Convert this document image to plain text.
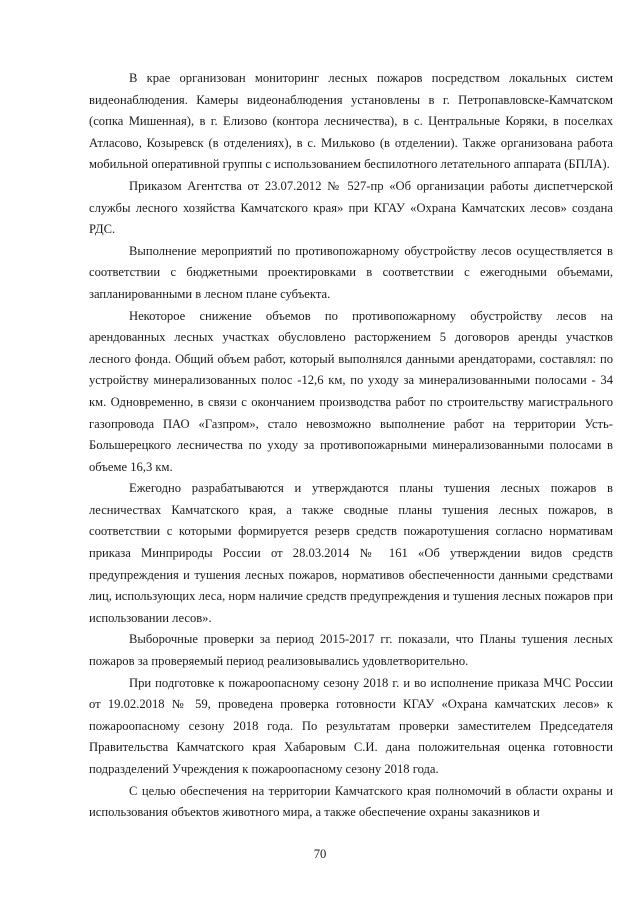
В крае организован мониторинг лесных пожаров посредством локальных систем видеонаблюдения. Камеры видеонаблюдения установлены в г. Петропавловске-Камчатском (сопка Мишенная), в г. Елизово (контора лесничества), в с. Центральные Коряки, в поселках Атласово, Козыревск (в отделениях), в с. Мильково (в отделении). Также организована работа мобильной оперативной группы с использованием беспилотного летательного аппарата (БПЛА).

Приказом Агентства от 23.07.2012 № 527-пр «Об организации работы диспетчерской службы лесного хозяйства Камчатского края» при КГАУ «Охрана Камчатских лесов» создана РДС.

Выполнение мероприятий по противопожарному обустройству лесов осуществляется в соответствии с бюджетными проектировками в соответствии с ежегодными объемами, запланированными в лесном плане субъекта.

Некоторое снижение объемов по противопожарному обустройству лесов на арендованных лесных участках обусловлено расторжением 5 договоров аренды участков лесного фонда. Общий объем работ, который выполнялся данными арендаторами, составлял: по устройству минерализованных полос -12,6 км, по уходу за минерализованными полосами - 34 км. Одновременно, в связи с окончанием производства работ по строительству магистрального газопровода ПАО «Газпром», стало невозможно выполнение работ на территории Усть-Большерецкого лесничества по уходу за противопожарными минерализованными полосами в объеме 16,3 км.

Ежегодно разрабатываются и утверждаются планы тушения лесных пожаров в лесничествах Камчатского края, а также сводные планы тушения лесных пожаров, в соответствии с которыми формируется резерв средств пожаротушения согласно нормативам приказа Минприроды России от 28.03.2014 № 161 «Об утверждении видов средств предупреждения и тушения лесных пожаров, нормативов обеспеченности данными средствами лиц, использующих леса, норм наличие средств предупреждения и тушения лесных пожаров при использовании лесов».

Выборочные проверки за период 2015-2017 гг. показали, что Планы тушения лесных пожаров за проверяемый период реализовывались удовлетворительно.

При подготовке к пожароопасному сезону 2018 г. и во исполнение приказа МЧС России от 19.02.2018 № 59, проведена проверка готовности КГАУ «Охрана камчатских лесов» к пожароопасному сезону 2018 года. По результатам проверки заместителем Председателя Правительства Камчатского края Хабаровым С.И. дана положительная оценка готовности подразделений Учреждения к пожароопасному сезону 2018 года.

С целью обеспечения на территории Камчатского края полномочий в области охраны и использования объектов животного мира, а также обеспечение охраны заказников и

70
